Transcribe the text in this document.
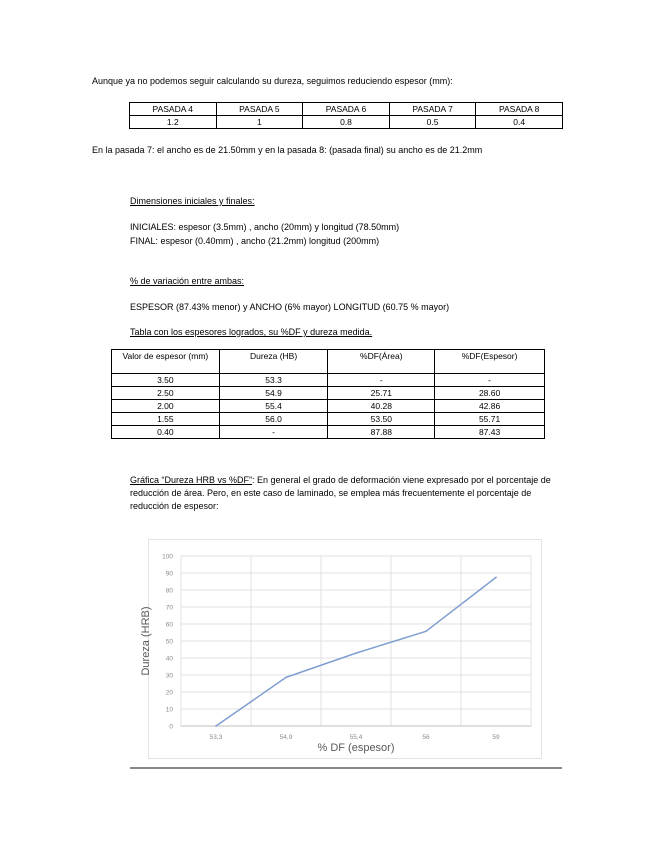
Aunque ya no podemos seguir calculando su dureza, seguimos reduciendo espesor (mm):

PASADA 4	PASADA 5	PASADA 6	PASADA 7	PASADA 8
1.2	1	0.8	0.5	0.4

En la pasada 7: el ancho es de 21.50mm y en la pasada 8: (pasada final) su ancho es de 21.2mm

Dimensiones iniciales y finales:

INICIALES: espesor (3.5mm) , ancho (20mm) y longitud (78.50mm)

FINAL: espesor (0.40mm) , ancho (21.2mm) longitud (200mm)

% de variación entre ambas:

ESPESOR (87.43% menor) y ANCHO (6% mayor) LONGITUD (60.75 % mayor)

Tabla con los espesores logrados, su %DF y dureza medida.

Valor de espesor (mm)	Dureza (HB)	%DF(Área)	%DF(Espesor)
3.50	53.3	-	-
2.50	54.9	25.71	28.60
2.00	55.4	40.28	42.86
1.55	56.0	53.50	55.71
0.40	-	87.88	87.43

Gráfica “Dureza HRB vs %DF”: En general el grado de deformación viene expresado por el porcentaje de reducción de área. Pero, en este caso de laminado, se emplea más frecuentemente el porcentaje de reducción de espesor:

0
10
20
30
40
50
60
70
80
90
100
53,3	54,9	55,4	56	59
% DF (espesor)
Dureza (HRB)
